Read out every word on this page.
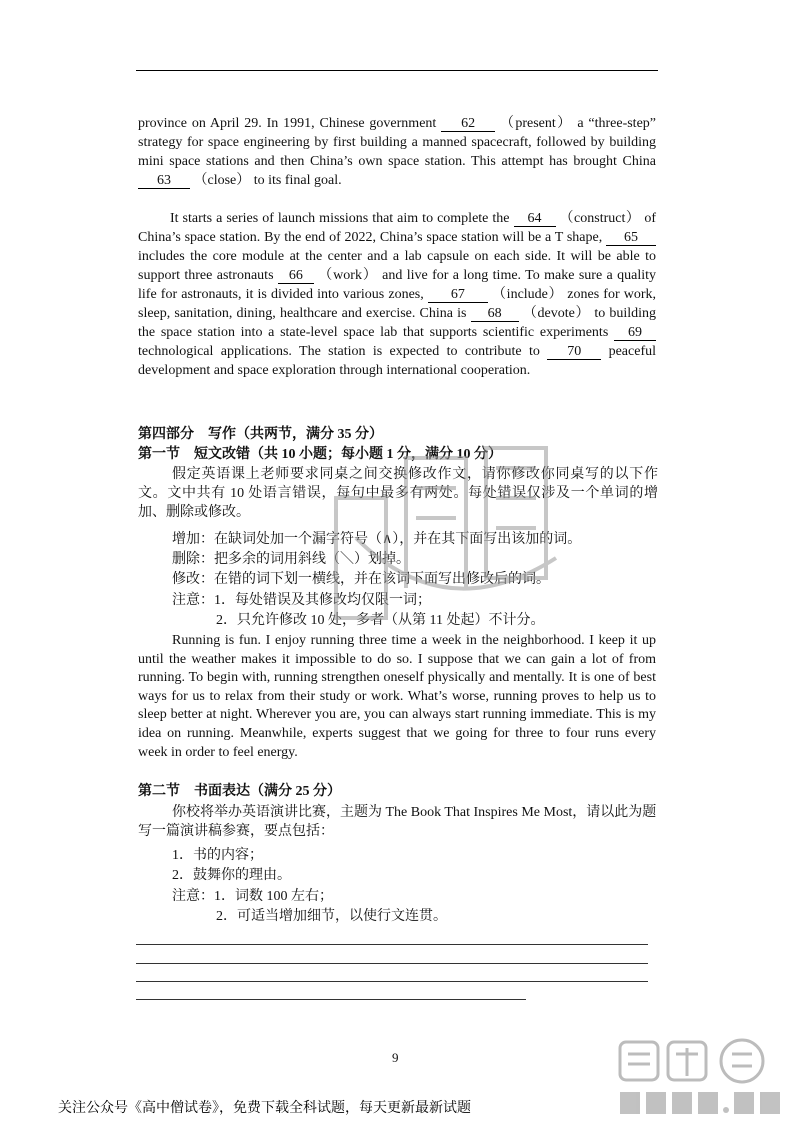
province on April 29. In 1991, Chinese government 62 （present） a “three-step” strategy for space engineering by first building a manned spacecraft, followed by building mini space stations and then China’s own space station. This attempt has brought China 63 （close） to its final goal.
It starts a series of launch missions that aim to complete the 64 （construct） of China’s space station. By the end of 2022, China’s space station will be a T shape, 65 includes the core module at the center and a lab capsule on each side. It will be able to support three astronauts 66 （work） and live for a long time. To make sure a quality life for astronauts, it is divided into various zones, 67 （include） zones for work, sleep, sanitation, dining, healthcare and exercise. China is 68 （devote） to building the space station into a state-level space lab that supports scientific experiments 69 technological applications. The station is expected to contribute to 70 peaceful development and space exploration through international cooperation.
第四部分　写作（共两节，满分 35 分）
第一节　短文改错（共 10 小题；每小题 1 分，满分 10 分）
假定英语课上老师要求同桌之间交换修改作文，请你修改你同桌写的以下作文。文中共有 10 处语言错误，每句中最多有两处。每处错误仅涉及一个单词的增加、删除或修改。
增加：在缺词处加一个漏字符号（∧），并在其下面写出该加的词。
删除：把多余的词用斜线（＼）划掉。
修改：在错的词下划一横线，并在该词下面写出修改后的词。
注意：1．每处错误及其修改均仅限一词；
2．只允许修改 10 处，多者（从第 11 处起）不计分。
Running is fun. I enjoy running three time a week in the neighborhood. I keep it up until the weather makes it impossible to do so. I suppose that we can gain a lot of from running. To begin with, running strengthen oneself physically and mentally. It is one of best ways for us to relax from their study or work. What’s worse, running proves to help us to sleep better at night. Wherever you are, you can always start running immediate. This is my idea on running. Meanwhile, experts suggest that we going for three to four runs every week in order to feel energy.
第二节　书面表达（满分 25 分）
你校将举办英语演讲比赛，主题为 The Book That Inspires Me Most，请以此为题写一篇演讲稿参赛，要点包括：
1．书的内容；
2．鼓舞你的理由。
注意：1．词数 100 左右；
2．可适当增加细节，以使行文连贯。
9
关注公众号《高中僧试卷》，免费下载全科试题，每天更新最新试题
